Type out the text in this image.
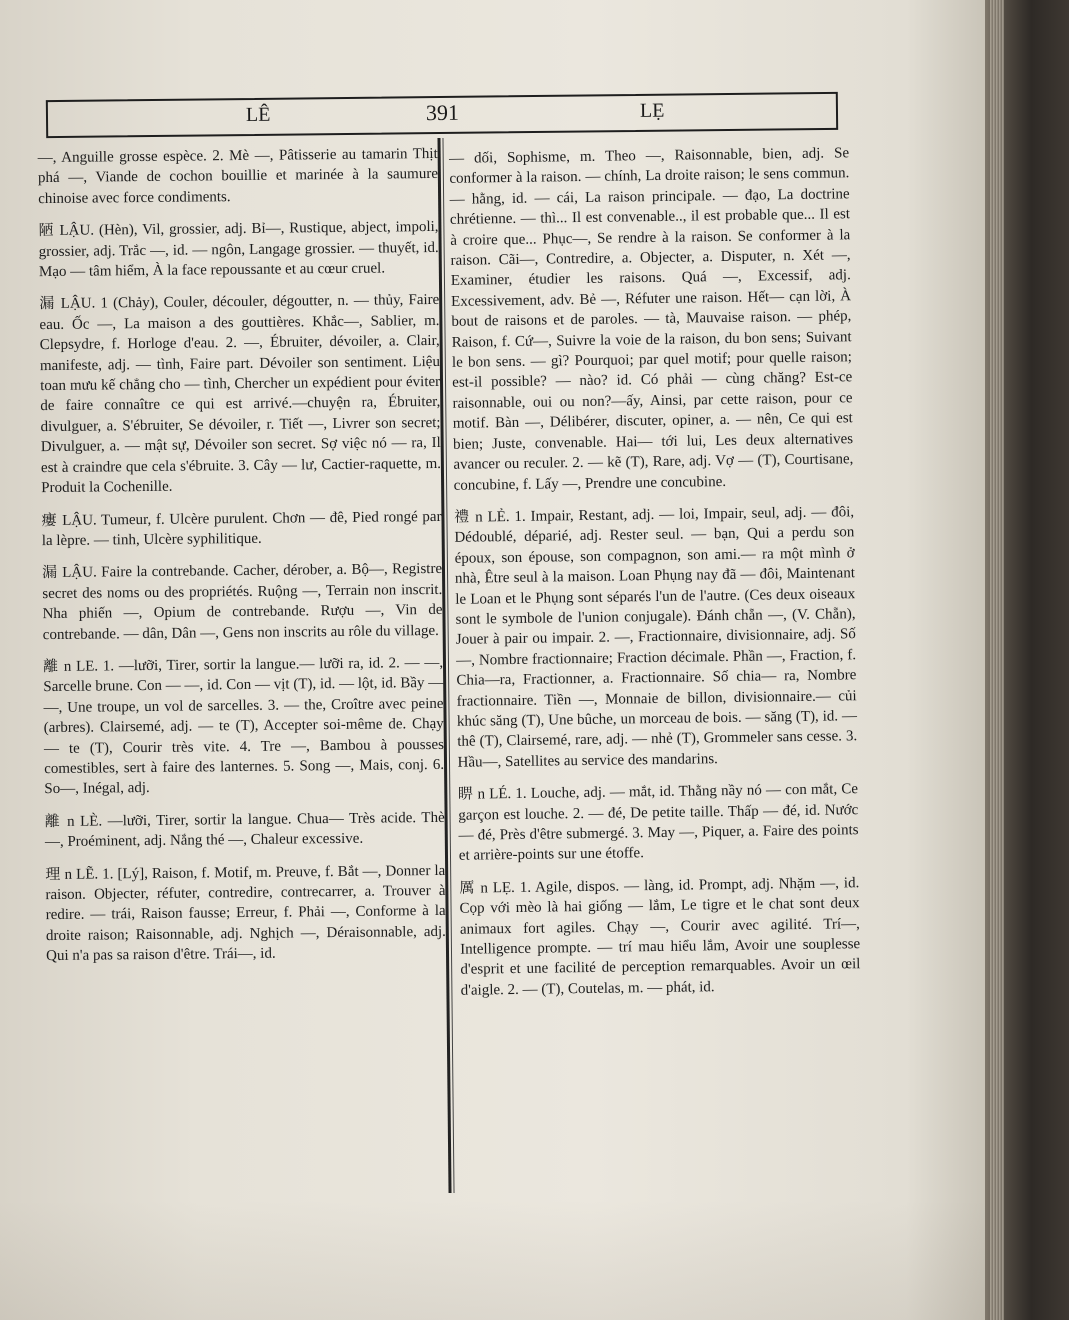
LÊ	391	LẸ

—, Anguille grosse espèce. 2. Mè —, Pâtisserie au tamarin Thịt phá —, Viande de cochon bouillie et marinée à la saumure chinoise avec force condiments.

陋 LẬU. (Hèn), Vil, grossier, adj. Bỉ—, Rustique, abject, impoli, grossier, adj. Trắc —, id. — ngôn, Langage grossier. — thuyết, id. Mạo — tâm hiểm, À la face repoussante et au cœur cruel.

漏 LẬU. 1 (Chảy), Couler, découler, dégoutter, n. — thủy, Faire eau. Ốc —, La maison a des gouttières. Khắc—, Sablier, m. Clepsydre, f. Horloge d'eau. 2. —, Ébruiter, dévoiler, a. Clair, manifeste, adj. — tình, Faire part. Dévoiler son sentiment. Liệu toan mưu kế chẳng cho — tình, Chercher un expédient pour éviter de faire connaître ce qui est arrivé.—chuyện ra, Ébruiter, divulguer, a. S'ébruiter, Se dévoiler, r. Tiết —, Livrer son secret; Divulguer, a. — mật sự, Dévoiler son secret. Sợ việc nó — ra, Il est à craindre que cela s'ébruite. 3. Cây — lư, Cactier-raquette, m. Produit la Cochenille.

瘻 LẬU. Tumeur, f. Ulcère purulent. Chơn — đê, Pied rongé par la lèpre. — tinh, Ulcère syphilitique.

漏 LẬU. Faire la contrebande. Cacher, dérober, a. Bộ—, Registre secret des noms ou des propriétés. Ruộng —, Terrain non inscrit. Nha phiến —, Opium de contrebande. Rượu —, Vin de contrebande. — dân, Dân —, Gens non inscrits au rôle du village.

離 n LE. 1. —lưỡi, Tirer, sortir la langue.— lưỡi ra, id. 2. — —, Sarcelle brune. Con — —, id. Con — vịt (T), id. — lột, id. Bầy — —, Une troupe, un vol de sarcelles. 3. — the, Croître avec peine (arbres). Clairsemé, adj. — te (T), Accepter soi-même de. Chạy — te (T), Courir très vite. 4. Tre —, Bambou à pousses comestibles, sert à faire des lanternes. 5. Song —, Mais, conj. 6. So—, Inégal, adj.

離 n LÈ. —lưỡi, Tirer, sortir la langue. Chua— Très acide. Thè —, Proéminent, adj. Nắng thé —, Chaleur excessive.

理 n LẼ. 1. [Lý], Raison, f. Motif, m. Preuve, f. Bắt —, Donner la raison. Objecter, réfuter, contredire, contrecarrer, a. Trouver à redire. — trái, Raison fausse; Erreur, f. Phải —, Conforme à la droite raison; Raisonnable, adj. Nghịch —, Déraisonnable, adj. Qui n'a pas sa raison d'être. Trái—, id.

— dối, Sophisme, m. Theo —, Raisonnable, bien, adj. Se conformer à la raison. — chính, La droite raison; le sens commun. — hằng, id. — cái, La raison principale. — đạo, La doctrine chrétienne. — thì... Il est convenable.., il est probable que... Il est à croire que... Phục—, Se rendre à la raison. Se conformer à la raison. Cãi—, Contredire, a. Objecter, a. Disputer, n. Xét —, Examiner, étudier les raisons. Quá —, Excessif, adj. Excessivement, adv. Bẻ —, Réfuter une raison. Hết— cạn lời, À bout de raisons et de paroles. — tà, Mauvaise raison. — phép, Raison, f. Cứ—, Suivre la voie de la raison, du bon sens; Suivant le bon sens. — gì? Pourquoi; par quel motif; pour quelle raison; est-il possible? — nào? id. Có phải — cùng chăng? Est-ce raisonnable, oui ou non?—ấy, Ainsi, par cette raison, pour ce motif. Bàn —, Délibérer, discuter, opiner, a. — nên, Ce qui est bien; Juste, convenable. Hai— tới lui, Les deux alternatives avancer ou reculer. 2. — kẽ (T), Rare, adj. Vợ — (T), Courtisane, concubine, f. Lấy —, Prendre une concubine.

禮 n LẺ. 1. Impair, Restant, adj. — loi, Impair, seul, adj. — đôi, Dédoublé, déparié, adj. Rester seul. — bạn, Qui a perdu son époux, son épouse, son compagnon, son ami.— ra một mình ở nhà, Être seul à la maison. Loan Phụng nay đã — đôi, Maintenant le Loan et le Phụng sont séparés l'un de l'autre. (Ces deux oiseaux sont le symbole de l'union conjugale). Đánh chẵn —, (V. Chẵn), Jouer à pair ou impair. 2. —, Fractionnaire, divisionnaire, adj. Số—, Nombre fractionnaire; Fraction décimale. Phần —, Fraction, f. Chia—ra, Fractionner, a. Fractionnaire. Số chia— ra, Nombre fractionnaire. Tiền —, Monnaie de billon, divisionnaire.— củi khúc săng (T), Une bûche, un morceau de bois. — săng (T), id. — thê (T), Clairsemé, rare, adj. — nhẻ (T), Grommeler sans cesse. 3. Hầu—, Satellites au service des mandarins.

睤 n LÉ. 1. Louche, adj. — mắt, id. Thằng nầy nó — con mắt, Ce garçon est louche. 2. — đé, De petite taille. Thấp — đé, id. Nước — đé, Près d'être submergé. 3. May —, Piquer, a. Faire des points et arrière-points sur une étoffe.

厲 n LẸ. 1. Agile, dispos. — làng, id. Prompt, adj. Nhặm —, id. Cọp với mèo là hai giống — lắm, Le tigre et le chat sont deux animaux fort agiles. Chạy —, Courir avec agilité. Trí—, Intelligence prompte. — trí mau hiểu lắm, Avoir une souplesse d'esprit et une facilité de perception remarquables. Avoir un œil d'aigle. 2. — (T), Coutelas, m. — phát, id.
